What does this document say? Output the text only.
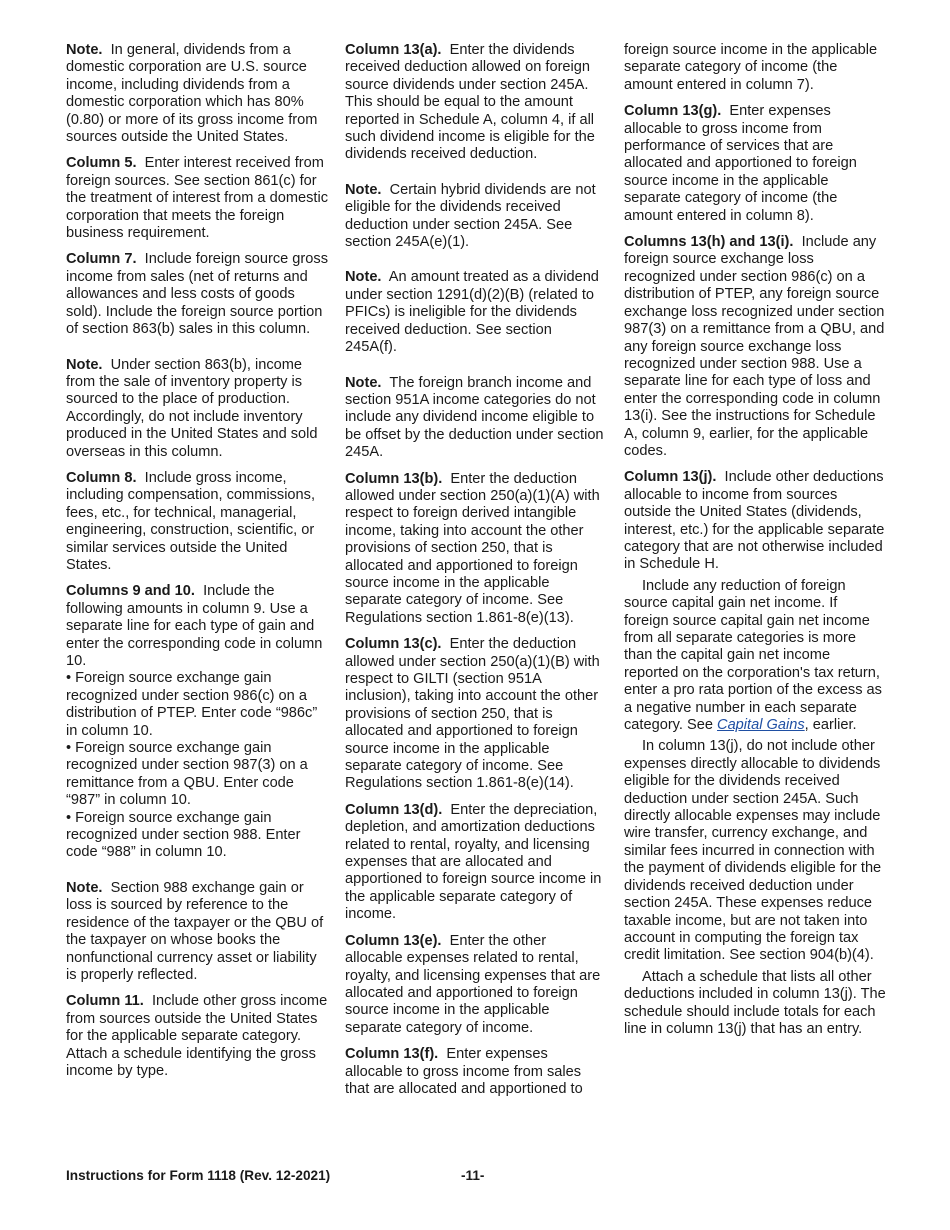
Note. In general, dividends from a domestic corporation are U.S. source income, including dividends from a domestic corporation which has 80% (0.80) or more of its gross income from sources outside the United States.

Column 5. Enter interest received from foreign sources. See section 861(c) for the treatment of interest from a domestic corporation that meets the foreign business requirement.

Column 7. Include foreign source gross income from sales (net of returns and allowances and less costs of goods sold). Include the foreign source portion of section 863(b) sales in this column.

Note. Under section 863(b), income from the sale of inventory property is sourced to the place of production. Accordingly, do not include inventory produced in the United States and sold overseas in this column.

Column 8. Include gross income, including compensation, commissions, fees, etc., for technical, managerial, engineering, construction, scientific, or similar services outside the United States.

Columns 9 and 10. Include the following amounts in column 9. Use a separate line for each type of gain and enter the corresponding code in column 10.

• Foreign source exchange gain recognized under section 986(c) on a distribution of PTEP. Enter code “986c” in column 10.
• Foreign source exchange gain recognized under section 987(3) on a remittance from a QBU. Enter code “987” in column 10.
• Foreign source exchange gain recognized under section 988. Enter code “988” in column 10.

Note. Section 988 exchange gain or loss is sourced by reference to the residence of the taxpayer or the QBU of the taxpayer on whose books the nonfunctional currency asset or liability is properly reflected.

Column 11. Include other gross income from sources outside the United States for the applicable separate category. Attach a schedule identifying the gross income by type.

Column 13(a). Enter the dividends received deduction allowed on foreign source dividends under section 245A. This should be equal to the amount reported in Schedule A, column 4, if all such dividend income is eligible for the dividends received deduction.

Note. Certain hybrid dividends are not eligible for the dividends received deduction under section 245A. See section 245A(e)(1).

Note. An amount treated as a dividend under section 1291(d)(2)(B) (related to PFICs) is ineligible for the dividends received deduction. See section 245A(f).

Note. The foreign branch income and section 951A income categories do not include any dividend income eligible to be offset by the deduction under section 245A.

Column 13(b). Enter the deduction allowed under section 250(a)(1)(A) with respect to foreign derived intangible income, taking into account the other provisions of section 250, that is allocated and apportioned to foreign source income in the applicable separate category of income. See Regulations section 1.861-8(e)(13).

Column 13(c). Enter the deduction allowed under section 250(a)(1)(B) with respect to GILTI (section 951A inclusion), taking into account the other provisions of section 250, that is allocated and apportioned to foreign source income in the applicable separate category of income. See Regulations section 1.861-8(e)(14).

Column 13(d). Enter the depreciation, depletion, and amortization deductions related to rental, royalty, and licensing expenses that are allocated and apportioned to foreign source income in the applicable separate category of income.

Column 13(e). Enter the other allocable expenses related to rental, royalty, and licensing expenses that are allocated and apportioned to foreign source income in the applicable separate category of income.

Column 13(f). Enter expenses allocable to gross income from sales that are allocated and apportioned to

foreign source income in the applicable separate category of income (the amount entered in column 7).

Column 13(g). Enter expenses allocable to gross income from performance of services that are allocated and apportioned to foreign source income in the applicable separate category of income (the amount entered in column 8).

Columns 13(h) and 13(i). Include any foreign source exchange loss recognized under section 986(c) on a distribution of PTEP, any foreign source exchange loss recognized under section 987(3) on a remittance from a QBU, and any foreign source exchange loss recognized under section 988. Use a separate line for each type of loss and enter the corresponding code in column 13(i). See the instructions for Schedule A, column 9, earlier, for the applicable codes.

Column 13(j). Include other deductions allocable to income from sources outside the United States (dividends, interest, etc.) for the applicable separate category that are not otherwise included in Schedule H.

Include any reduction of foreign source capital gain net income. If foreign source capital gain net income from all separate categories is more than the capital gain net income reported on the corporation's tax return, enter a pro rata portion of the excess as a negative number in each separate category. See Capital Gains, earlier.

In column 13(j), do not include other expenses directly allocable to dividends eligible for the dividends received deduction under section 245A. Such directly allocable expenses may include wire transfer, currency exchange, and similar fees incurred in connection with the payment of dividends eligible for the dividends received deduction under section 245A. These expenses reduce taxable income, but are not taken into account in computing the foreign tax credit limitation. See section 904(b)(4).

Attach a schedule that lists all other deductions included in column 13(j). The schedule should include totals for each line in column 13(j) that has an entry.

Instructions for Form 1118 (Rev. 12-2021)	-11-
